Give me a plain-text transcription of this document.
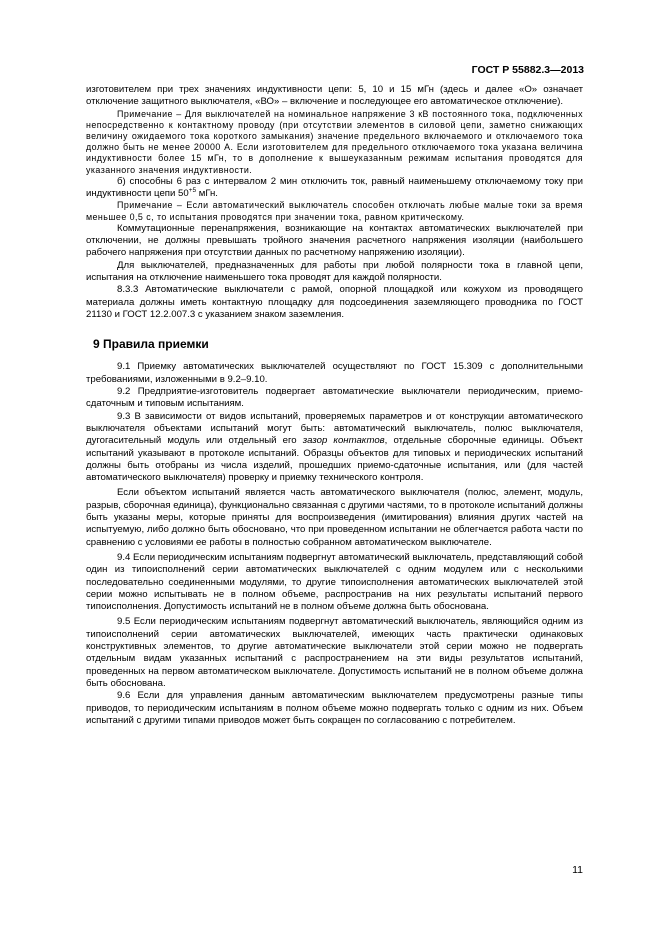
ГОСТ Р 55882.3—2013

изготовителем при трех значениях индуктивности цепи: 5, 10 и 15 мГн (здесь и далее «О» означает отключение защитного выключателя, «ВО» – включение и последующее его автоматическое отключение).

Примечание – Для выключателей на номинальное напряжение 3 кВ постоянного тока, подключенных непосредственно к контактному проводу (при отсутствии элементов в силовой цепи, заметно снижающих величину ожидаемого тока короткого замыкания) значение предельного включаемого и отключаемого тока должно быть не менее 20000 А. Если изготовителем для предельного отключаемого тока указана величина индуктивности более 15 мГн, то в дополнение к вышеуказанным режимам испытания проводятся для указанного значения индуктивности.

б) способны 6 раз с интервалом 2 мин отключить ток, равный наименьшему отключаемому току при индуктивности цепи $50^{+5}$ мГн.

Примечание – Если автоматический выключатель способен отключать любые малые токи за время меньшее 0,5 с, то испытания проводятся при значении тока, равном критическому.

Коммутационные перенапряжения, возникающие на контактах автоматических выключателей при отключении, не должны превышать тройного значения расчетного напряжения изоляции (наибольшего рабочего напряжения при отсутствии данных по расчетному напряжению изоляции).

Для выключателей, предназначенных для работы при любой полярности тока в главной цепи, испытания на отключение наименьшего тока проводят для каждой полярности.

8.3.3 Автоматические выключатели с рамой, опорной площадкой или кожухом из проводящего материала должны иметь контактную площадку для подсоединения заземляющего проводника по ГОСТ 21130 и ГОСТ 12.2.007.3 с указанием знаком заземления.

9 Правила приемки

9.1 Приемку автоматических выключателей осуществляют по ГОСТ 15.309 с дополнительными требованиями, изложенными в 9.2–9.10.

9.2 Предприятие-изготовитель подвергает автоматические выключатели периодическим, приемо-сдаточным и типовым испытаниям.

9.3 В зависимости от видов испытаний, проверяемых параметров и от конструкции автоматического выключателя объектами испытаний могут быть: автоматический выключатель, полюс выключателя, дугогасительный модуль или отдельный его зазор контактов, отдельные сборочные единицы. Объект испытаний указывают в протоколе испытаний. Образцы объектов для типовых и периодических испытаний должны быть отобраны из числа изделий, прошедших приемо-сдаточные испытания, или (для частей автоматического выключателя) проверку и приемку технического контроля.

Если объектом испытаний является часть автоматического выключателя (полюс, элемент, модуль, разрыв, сборочная единица), функционально связанная с другими частями, то в протоколе испытаний должны быть указаны меры, которые приняты для воспроизведения (имитирования) влияния других частей на испытуемую, либо должно быть обосновано, что при проведенном испытании не облегчается работа части по сравнению с условиями ее работы в полностью собранном автоматическом выключателе.

9.4 Если периодическим испытаниям подвергнут автоматический выключатель, представляющий собой один из типоисполнений серии автоматических выключателей с одним модулем или с несколькими последовательно соединенными модулями, то другие типоисполнения автоматических выключателей этой серии можно испытывать не в полном объеме, распространив на них результаты испытаний первого типоисполнения. Допустимость испытаний не в полном объеме должна быть обоснована.

9.5 Если периодическим испытаниям подвергнут автоматический выключатель, являющийся одним из типоисполнений серии автоматических выключателей, имеющих часть практически одинаковых конструктивных элементов, то другие автоматические выключатели этой серии можно не подвергать отдельным видам указанных испытаний с распространением на эти виды результатов испытаний, проведенных на первом автоматическом выключателе. Допустимость испытаний не в полном объеме должна быть обоснована.

9.6 Если для управления данным автоматическим выключателем предусмотрены разные типы приводов, то периодическим испытаниям в полном объеме можно подвергать только с одним из них. Объем испытаний с другими типами приводов может быть сокращен по согласованию с потребителем.

11
